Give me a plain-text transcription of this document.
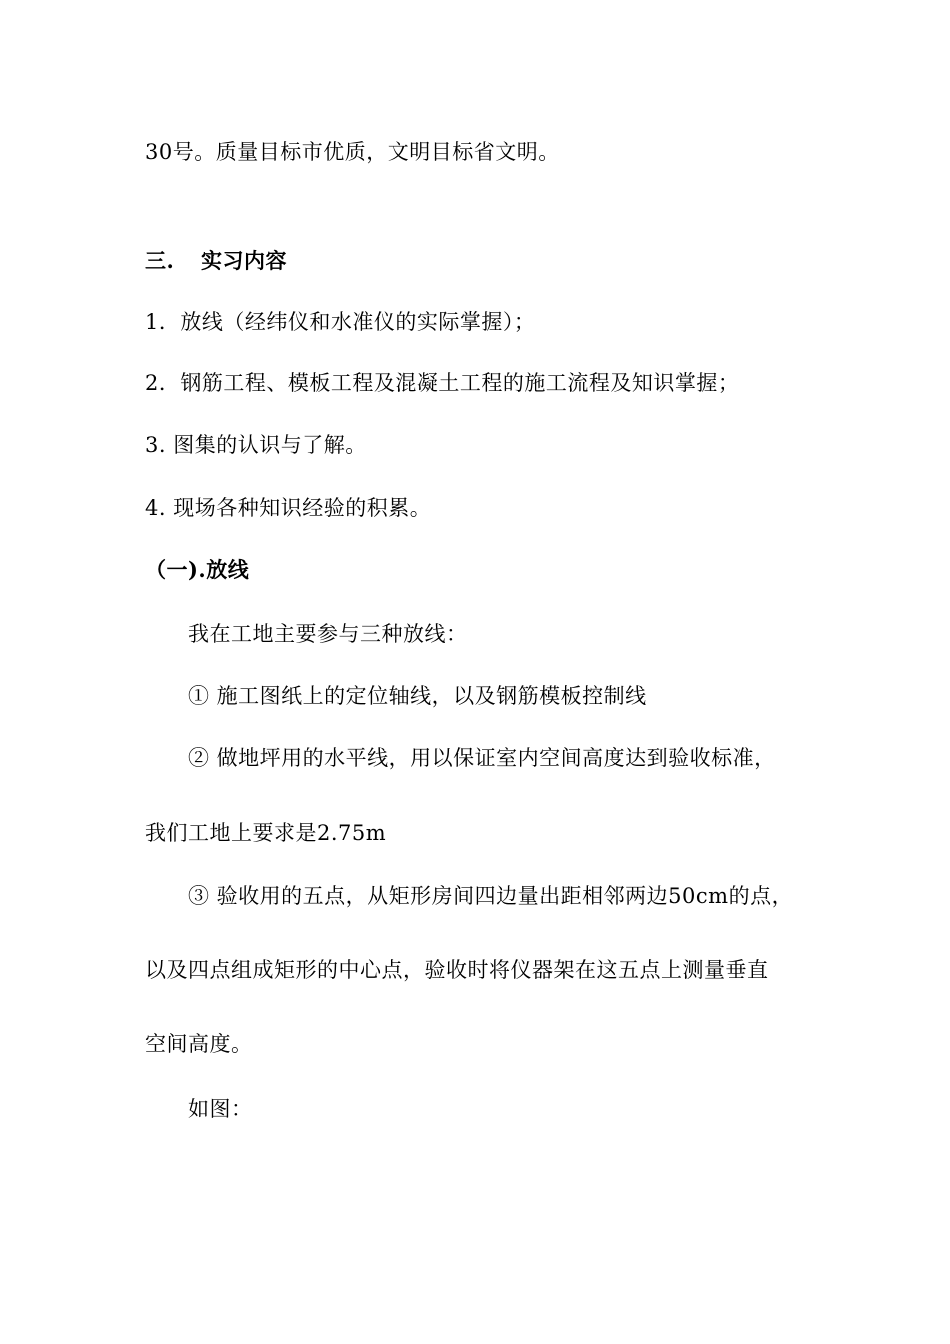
30号。质量目标市优质，文明目标省文明。
三. 实习内容
1．放线（经纬仪和水准仪的实际掌握）；
2．钢筋工程、模板工程及混凝土工程的施工流程及知识掌握；
3. 图集的认识与了解。
4. 现场各种知识经验的积累。
（一).放线
我在工地主要参与三种放线：
① 施工图纸上的定位轴线，以及钢筋模板控制线
② 做地坪用的水平线，用以保证室内空间高度达到验收标准，
我们工地上要求是2.75m
③ 验收用的五点，从矩形房间四边量出距相邻两边50cm的点，
以及四点组成矩形的中心点，验收时将仪器架在这五点上测量垂直
空间高度。
如图：
